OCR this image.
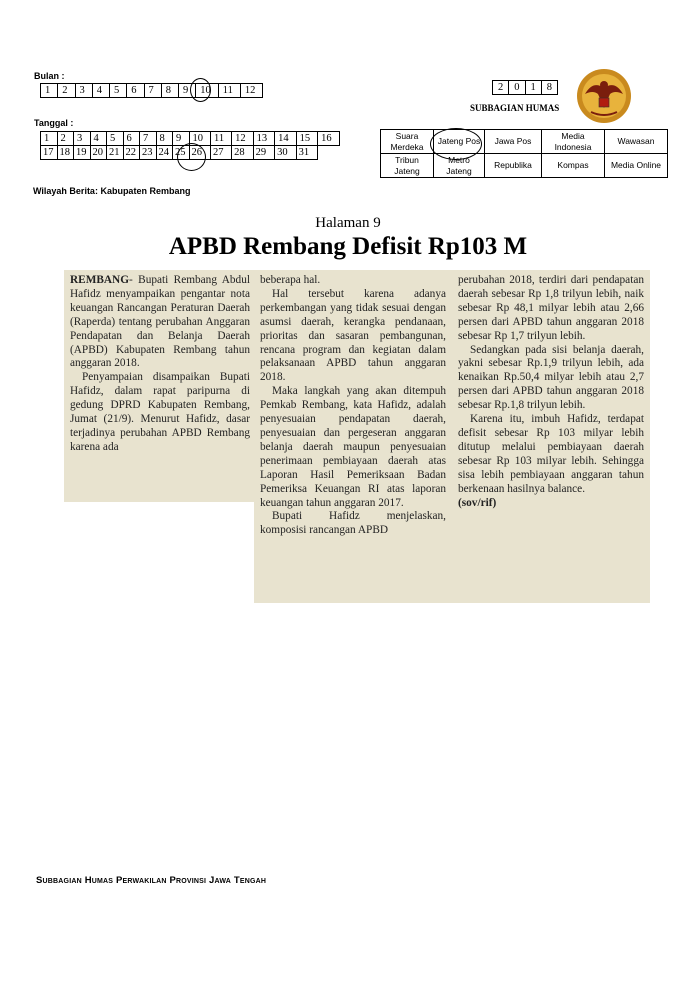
Bulan :
1	2	3	4	5	6	7	8	9	10	11	12
Tanggal :
1	2	3	4	5	6	7	8	9	10	11	12	13	14	15	16
17	18	19	20	21	22	23	24	25	26	27	28	29	30	31	
2	0	1	8
SUBBAGIAN HUMAS
Suara Merdeka	Jateng Pos	Jawa Pos	Media Indonesia	Wawasan
Tribun Jateng	Metro Jateng	Republika	Kompas	Media Online
Wilayah Berita: Kabupaten Rembang
Halaman 9
APBD Rembang Defisit Rp103 M

REMBANG- Bupati Rembang Abdul Hafidz menyampaikan pengantar nota keuangan Rancangan Peraturan Daerah (Raperda) tentang perubahan Anggaran Pendapatan dan Belanja Daerah (APBD) Kabupaten Rembang tahun anggaran 2018.

Penyampaian disampaikan Bupati Hafidz, dalam rapat paripurna di gedung DPRD Kabupaten Rembang, Jumat (21/9). Menurut Hafidz, dasar terjadinya perubahan APBD Rembang karena ada

beberapa hal.

Hal tersebut karena adanya perkembangan yang tidak sesuai dengan asumsi daerah, kerangka pendanaan, prioritas dan sasaran pembangunan, rencana program dan kegiatan dalam pelaksanaan APBD tahun anggaran 2018.

Maka langkah yang akan ditempuh Pemkab Rembang, kata Hafidz, adalah penyesuaian pendapatan daerah, penyesuaian dan pergeseran anggaran belanja daerah maupun penyesuaian penerimaan pembiayaan daerah atas Laporan Hasil Pemeriksaan Badan Pemeriksa Keuangan RI atas laporan keuangan tahun anggaran 2017.

Bupati Hafidz menjelaskan, komposisi rancangan APBD

perubahan 2018, terdiri dari pendapatan daerah sebesar Rp 1,8 trilyun lebih, naik sebesar Rp 48,1 milyar lebih atau 2,66 persen dari APBD tahun anggaran 2018 sebesar Rp 1,7 trilyun lebih.

Sedangkan pada sisi belanja daerah, yakni sebesar Rp.1,9 trilyun lebih, ada kenaikan Rp.50,4 milyar lebih atau 2,7 persen dari APBD tahun anggaran 2018 sebesar Rp.1,8 trilyun lebih.

Karena itu, imbuh Hafidz, terdapat defisit sebesar Rp 103 milyar lebih ditutup melalui pembiayaan daerah sebesar Rp 103 milyar lebih. Sehingga sisa lebih pembiayaan anggaran tahun berkenaan hasilnya balance.

(sov/rif)

Subbagian Humas Perwakilan Provinsi Jawa Tengah
